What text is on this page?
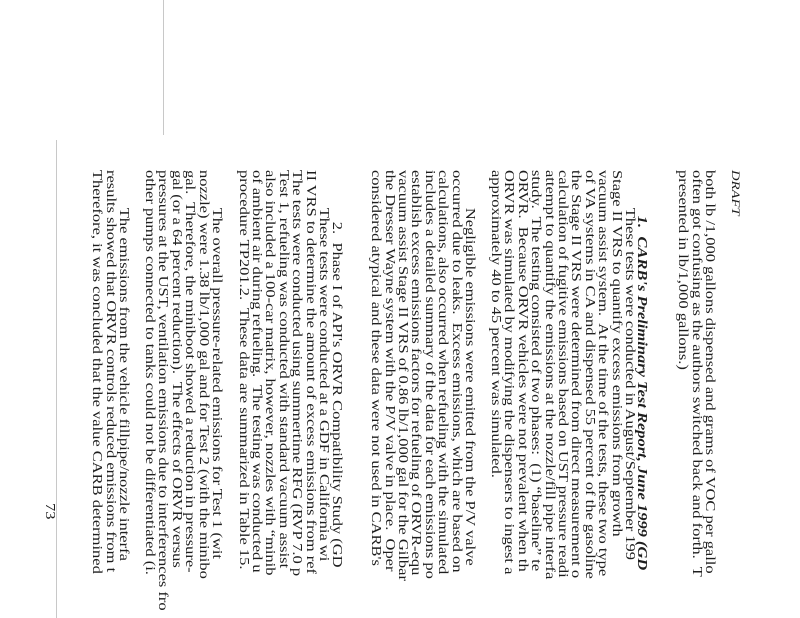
DRAFT
both lb /1,000 gallons dispensed and grams of VOC per gallo
often got confusing as the authors switched back and forth.  T
presented in lb/1,000 gallons.)

1.CARB's Preliminary Test Report, June 1999 (GD

These tests were conducted in August/September 199
Stage II VRS to quantify excess emissions from growth
vacuum assist system.  At the time of the tests, these two type
of VA systems in CA and dispensed 55 percent of the gasoline
the Stage II VRS were determined from direct measurement o
calculation of fugitive emissions based on UST pressure readi
attempt to quantify the emissions at the nozzle/fill pipe interfa
study.  The testing consisted of two phases:  (1) “baseline” te
ORVR.  Because ORVR vehicles were not prevalent when th
ORVR was simulated by modifying the dispensers to ingest a
approximately 40 to 45 percent was simulated.
Negligible emissions were emitted from the P/V valve
occurred due to leaks.  Excess emissions, which are based on
calculations, also occurred when refueling with the simulated
includes a detailed summary of the data for each emissions po
establish excess emissions factors for refueling of ORVR-equ
vacuum assist Stage II VRS of 0.86 lb/1,000 gal for the Gilbar
the Dresser Wayne system with the P/V valve in place.  Oper
considered atypical and these data were not used in CARB's

2.Phase I of API's ORVR Compatibility Study (GD

These tests were conducted at a GDF in California wi
II VRS to determine the amount of excess emissions from ref
The tests were conducted using summertime RFG (RVP 7.0 p
Test 1, refueling was conducted with standard vacuum assist
also included a 100-car matrix, however, nozzles with “minib
of ambient air during refueling.  The testing was conducted u
procedure TP201.2.  These data are summarized in Table 15.
The overall pressure-related emissions for Test 1 (wit
nozzle) were 1.38 lb/1,000 gal and for Test 2 (with the minibo
gal.  Therefore, the miniboot showed a reduction in pressure-
gal (or a 64 percent reduction).  The effects of ORVR versus
pressures at the UST, ventilation emissions due to interferences fro
other pumps connected to tanks could not be differentiated (i.
The emissions from the vehicle fillpipe/nozzle interfa
results showed that ORVR controls reduced emissions from t
Therefore, it was concluded that the value CARB determined
73
